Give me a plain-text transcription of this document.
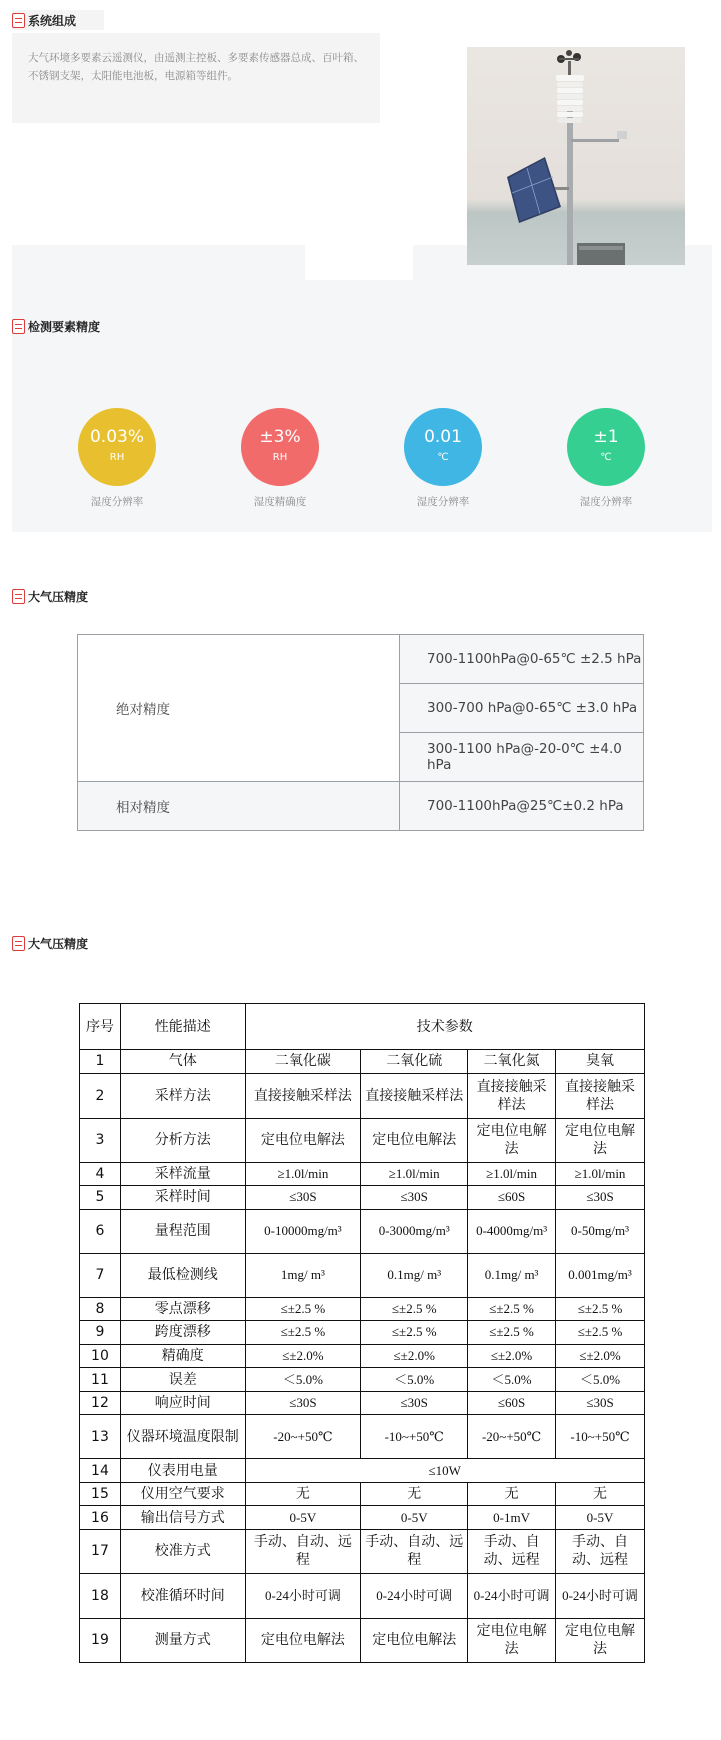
系统组成
大气环境多要素云遥测仪，由遥测主控板、多要素传感器总成、百叶箱、不锈钢支架，太阳能电池板，电源箱等组件。
检测要素精度
0.03%
RH
湿度分辨率
±3%
RH
湿度精确度
0.01
℃
湿度分辨率
±1
℃
湿度分辨率
大气压精度
绝对精度	700-1100hPa@0-65℃ ±2.5 hPa
	300-700 hPa@0-65℃ ±3.0 hPa
	300-1100 hPa@-20-0℃ ±4.0 hPa
相对精度	700-1100hPa@25℃±0.2 hPa
大气压精度
序号	性能描述	技术参数			
1	气体	二氧化碳	二氧化硫	二氧化氮	臭氧
2	采样方法	直接接触采样法	直接接触采样法	直接接触采样法	直接接触采样法
3	分析方法	定电位电解法	定电位电解法	定电位电解法	定电位电解法
4	采样流量	≥1.0l/min	≥1.0l/min	≥1.0l/min	≥1.0l/min
5	采样时间	≤30S	≤30S	≤60S	≤30S
6	量程范围	0-10000mg/m³	0-3000mg/m³	0-4000mg/m³	0-50mg/m³
7	最低检测线	1mg/ m³	0.1mg/ m³	0.1mg/ m³	0.001mg/m³
8	零点漂移	≤±2.5 %	≤±2.5 %	≤±2.5 %	≤±2.5 %
9	跨度漂移	≤±2.5 %	≤±2.5 %	≤±2.5 %	≤±2.5 %
10	精确度	≤±2.0%	≤±2.0%	≤±2.0%	≤±2.0%
11	误差	＜5.0%	＜5.0%	＜5.0%	＜5.0%
12	响应时间	≤30S	≤30S	≤60S	≤30S
13	仪器环境温度限制	-20~+50℃	-10~+50℃	-20~+50℃	-10~+50℃
14	仪表用电量	≤10W			
15	仪用空气要求	无	无	无	无
16	输出信号方式	0-5V	0-5V	0-1mV	0-5V
17	校准方式	手动、自动、远程	手动、自动、远程	手动、自动、远程	手动、自动、远程
18	校准循环时间	0-24小时可调	0-24小时可调	0-24小时可调	0-24小时可调
19	测量方式	定电位电解法	定电位电解法	定电位电解法	定电位电解法
